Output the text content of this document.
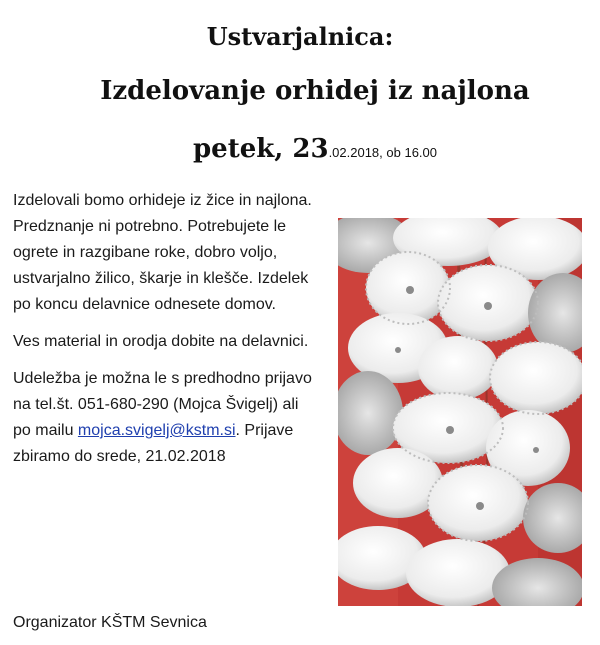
Ustvarjalnica:
Izdelovanje orhidej iz najlona
petek, 23.02.2018, ob 16.00

Izdelovali bomo orhideje iz žice in najlona. Predznanje ni potrebno. Potrebujete le ogrete in razgibane roke, dobro voljo, ustvarjalno žilico, škarje in klešče. Izdelek po koncu delavnice odnesete domov.

Ves material in orodja dobite na delavnici.

Udeležba je možna le s predhodno prijavo na tel.št. 051-680-290 (Mojca Švigelj) ali po mailu mojca.svigelj@kstm.si. Prijave zbiramo do srede, 21.02.2018

Organizator KŠTM Sevnica
